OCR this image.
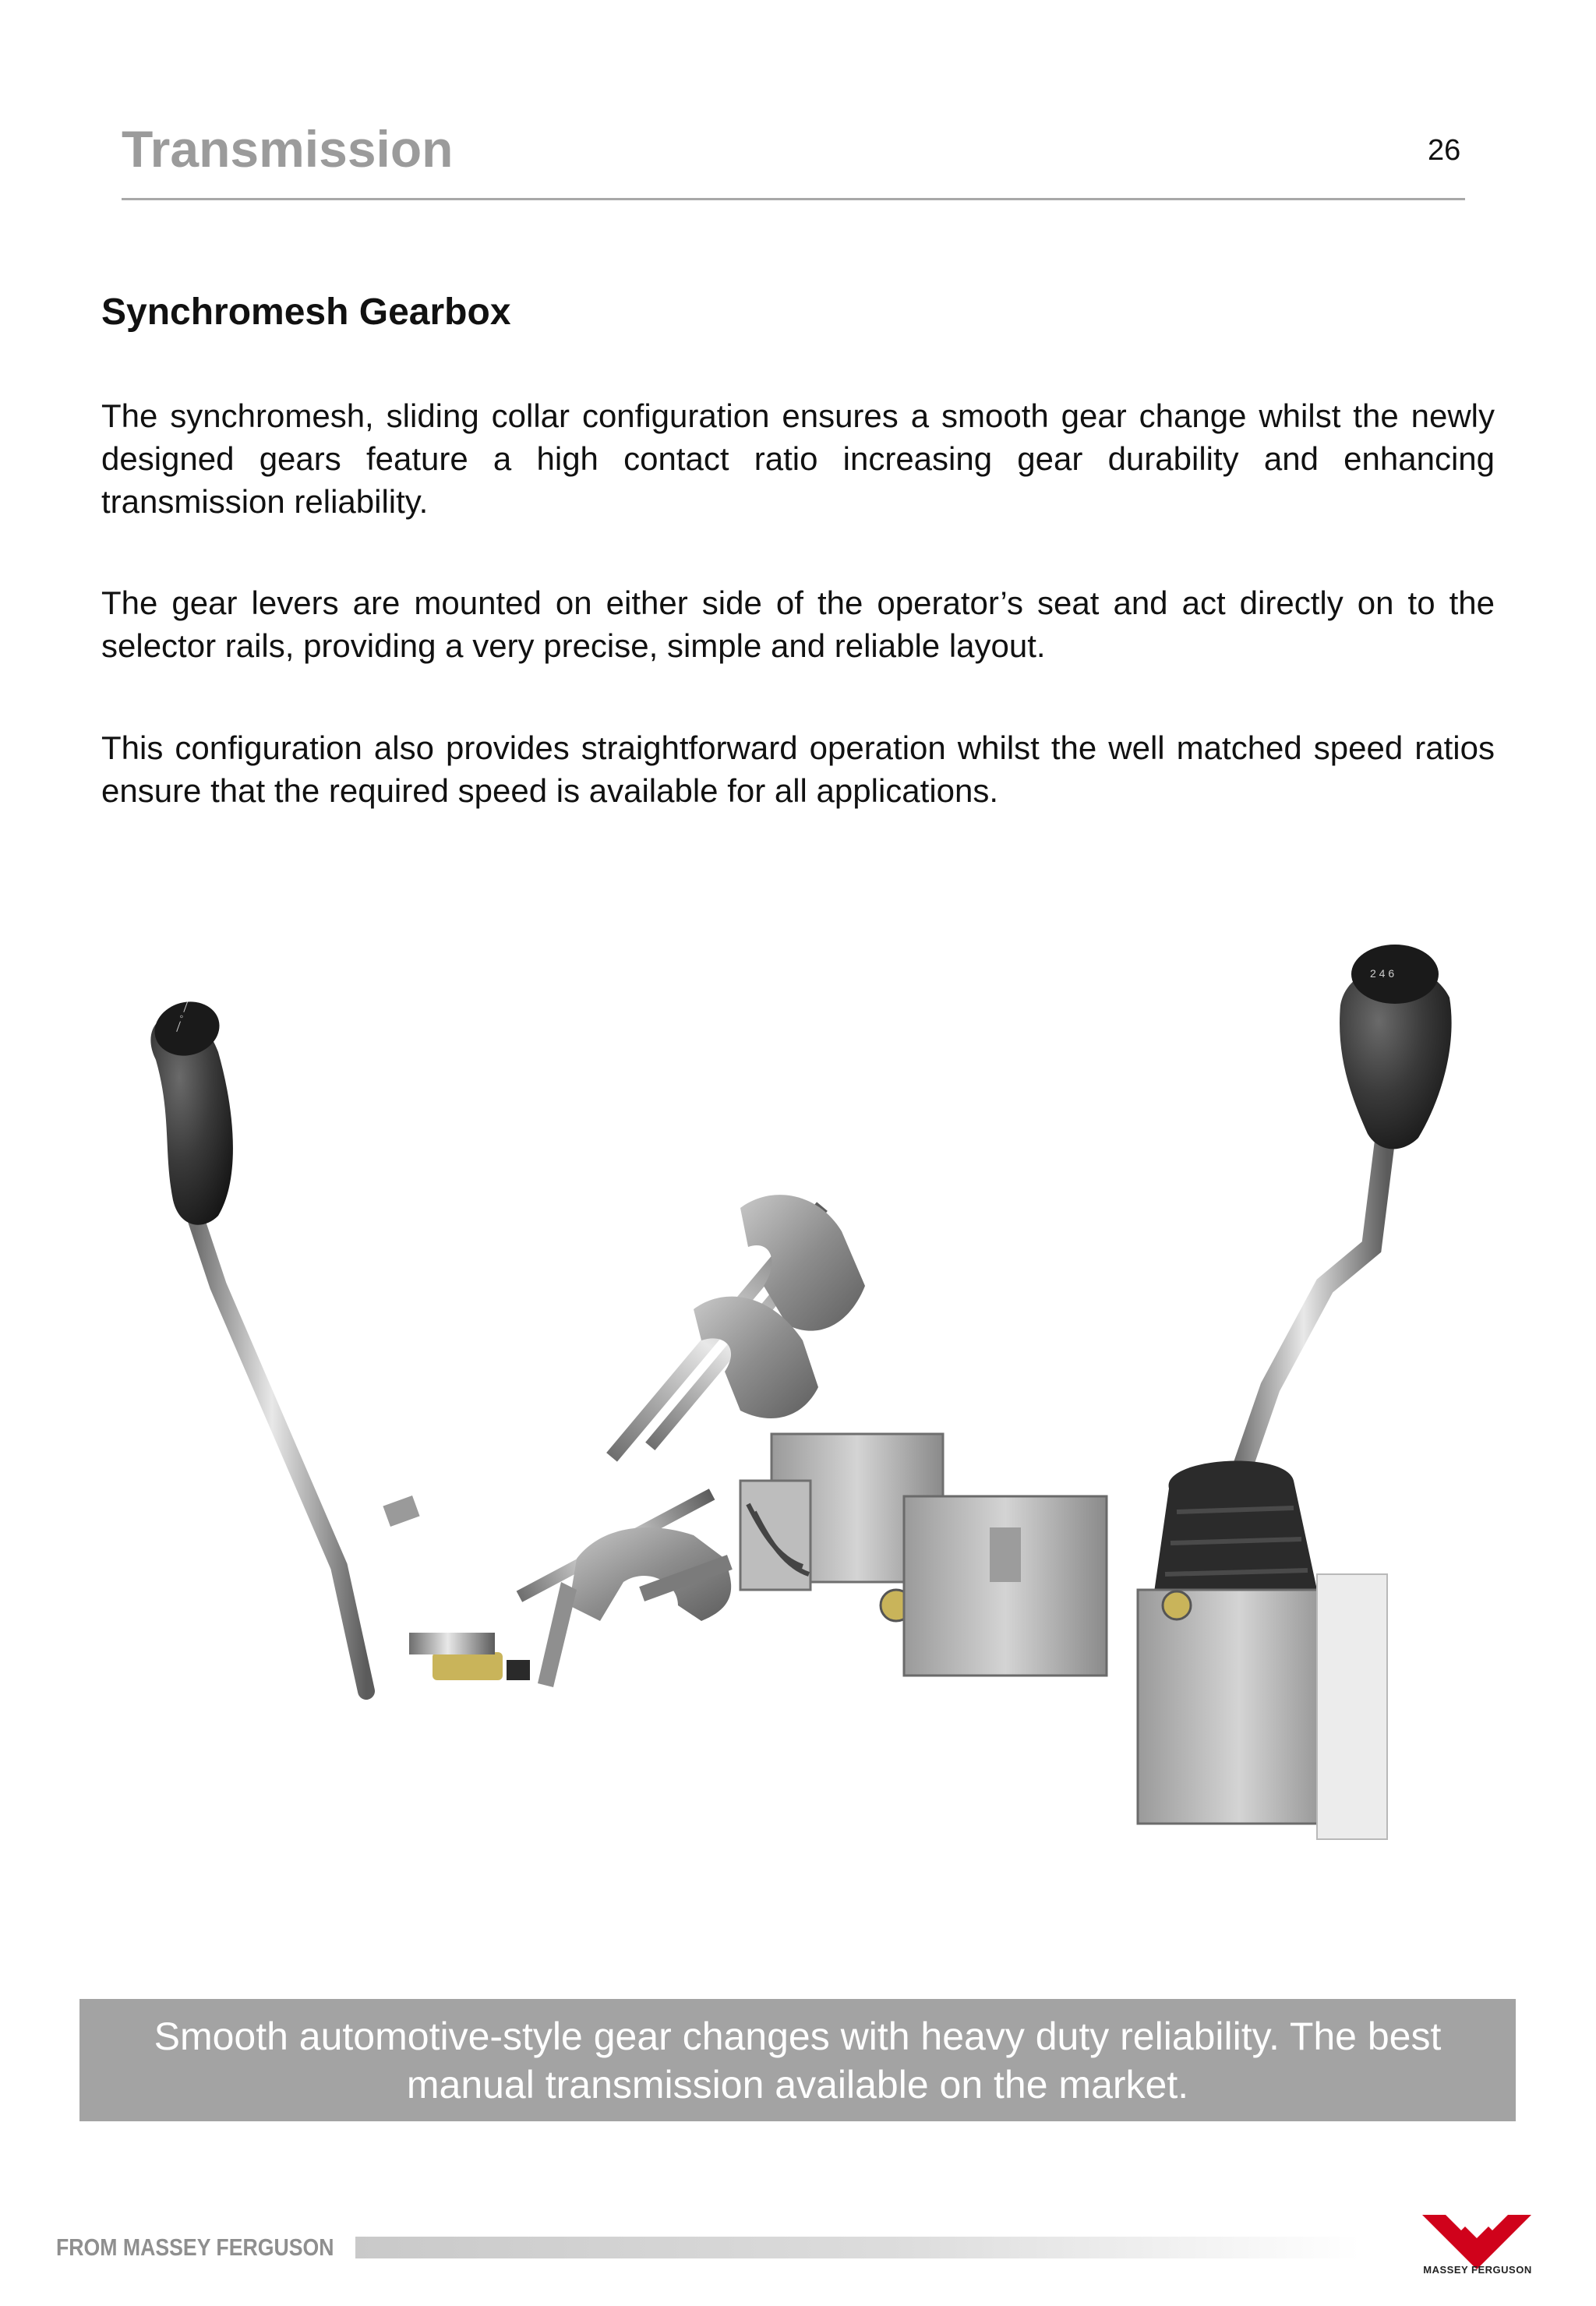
Transmission	26
Synchromesh Gearbox

The synchromesh, sliding collar configuration ensures a smooth gear change whilst the newly designed gears feature a high contact ratio increasing gear durability and enhancing transmission reliability.

The gear levers are mounted on either side of the operator’s seat and act directly on to the selector rails, providing a very precise, simple and reliable layout.

This configuration also provides straightforward operation whilst the well matched speed ratios ensure that the required speed is available for all applications.

— ◦ —
2 4 6

Smooth automotive-style gear changes with heavy duty reliability. The best manual transmission available on the market.

FROM MASSEY FERGUSON
MASSEY FERGUSON
